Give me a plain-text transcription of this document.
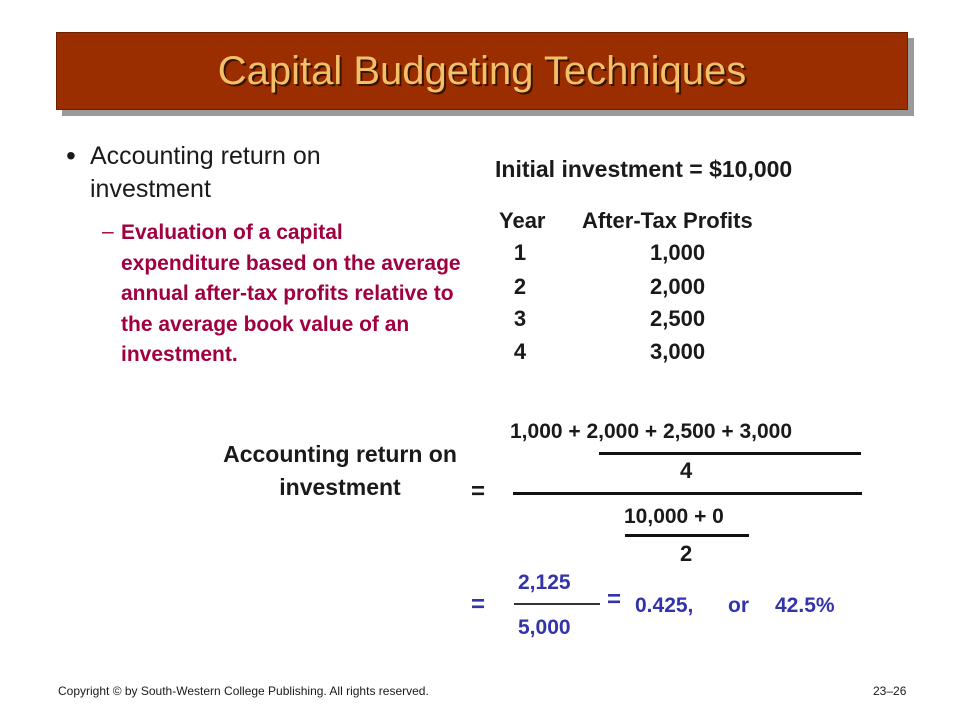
Capital Budgeting Techniques
• Accounting return on investment
– Evaluation of a capital expenditure based on the average annual after-tax profits relative to the average book value of an investment.
Initial investment = $10,000
Year After-Tax Profits
1	1,000
2	2,000
3	2,500
4	3,000
Accounting return on investment	=
1,000 + 2,000 + 2,500 + 3,000
4
10,000 + 0
2
=
2,125
5,000
= 0.425, or 42.5%
Copyright © by South-Western College Publishing. All rights reserved.	23–26
